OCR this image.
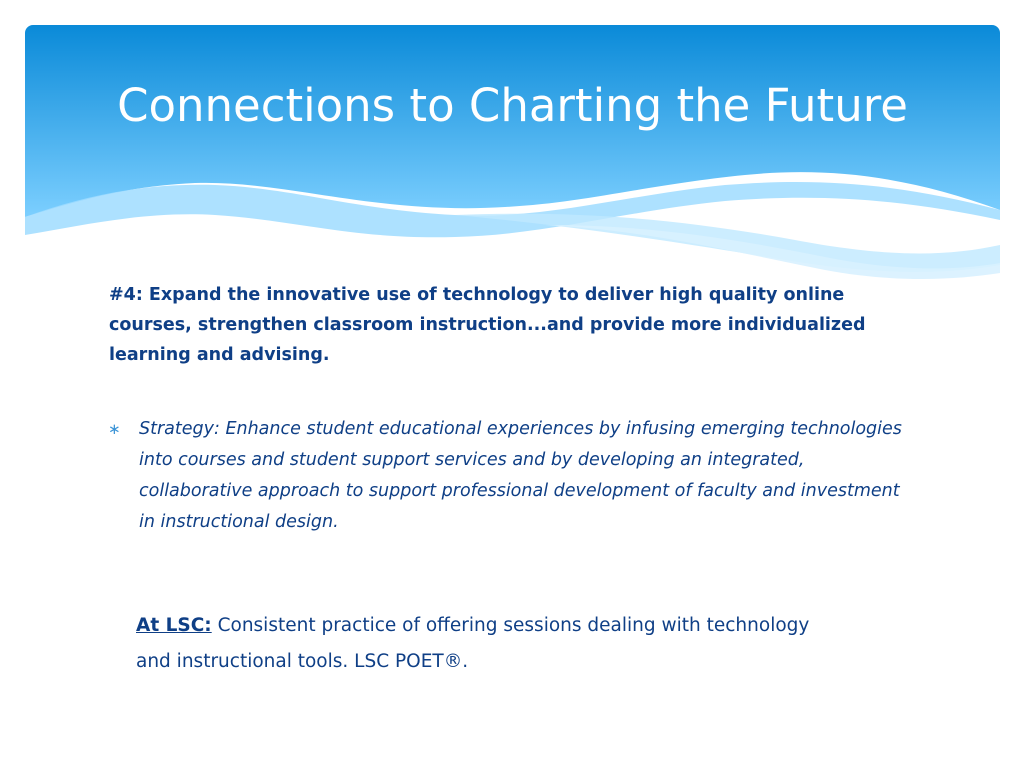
Connections to Charting the Future

#4: Expand the innovative use of technology to deliver high quality online courses, strengthen classroom instruction...and provide more individualized learning and advising.

∗ Strategy: Enhance student educational experiences by infusing emerging technologies into courses and student support services and by developing an integrated, collaborative approach to support professional development of faculty and investment in instructional design.

At LSC: Consistent practice of offering sessions dealing with technology and instructional tools. LSC POET®.
